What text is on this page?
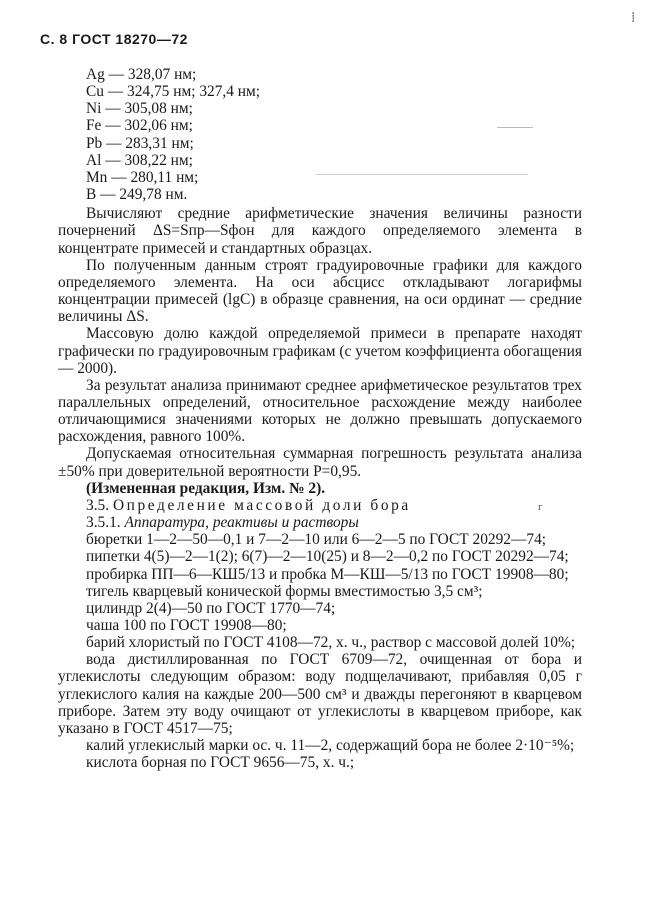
С. 8 ГОСТ 18270—72
⁞
Ag — 328,07 нм;
Cu — 324,75 нм; 327,4 нм;
Ni — 305,08 нм;
Fe — 302,06 нм;
Pb — 283,31 нм;
Al — 308,22 нм;
Mn — 280,11 нм;
B — 249,78 нм.

Вычисляют средние арифметические значения величины разности почернений ΔS=Sпр—Sфон для каждого определяемого элемента в концентрате примесей и стандартных образцах.

По полученным данным строят градуировочные графики для каждого определяемого элемента. На оси абсцисс откладывают логарифмы концентрации примесей (lgC) в образце сравнения, на оси ординат — средние величины ΔS.

Массовую долю каждой определяемой примеси в препарате находят графически по градуировочным графикам (с учетом коэффициента обогащения — 2000).

За результат анализа принимают среднее арифметическое результатов трех параллельных определений, относительное расхождение между наиболее отличающимися значениями которых не должно превышать допускаемого расхождения, равного 100%.

Допускаемая относительная суммарная погрешность результата анализа ±50% при доверительной вероятности P=0,95.

(Измененная редакция, Изм. № 2).

3.5. Определение массовой доли бора	г

3.5.1. Аппаратура, реактивы и растворы

бюретки 1—2—50—0,1 и 7—2—10 или 6—2—5 по ГОСТ 20292—74;

пипетки 4(5)—2—1(2); 6(7)—2—10(25) и 8—2—0,2 по ГОСТ 20292—74;

пробирка ПП—6—КШ5/13 и пробка М—КШ—5/13 по ГОСТ 19908—80;

тигель кварцевый конической формы вместимостью 3,5 см³;

цилиндр 2(4)—50 по ГОСТ 1770—74;

чаша 100 по ГОСТ 19908—80;

барий хлористый по ГОСТ 4108—72, х. ч., раствор с массовой долей 10%;

вода дистиллированная по ГОСТ 6709—72, очищенная от бора и углекислоты следующим образом: воду подщелачивают, прибавляя 0,05 г углекислого калия на каждые 200—500 см³ и дважды перегоняют в кварцевом приборе. Затем эту воду очищают от углекислоты в кварцевом приборе, как указано в ГОСТ 4517—75;

калий углекислый марки ос. ч. 11—2, содержащий бора не более 2·10⁻⁵%;

кислота борная по ГОСТ 9656—75, х. ч.;
